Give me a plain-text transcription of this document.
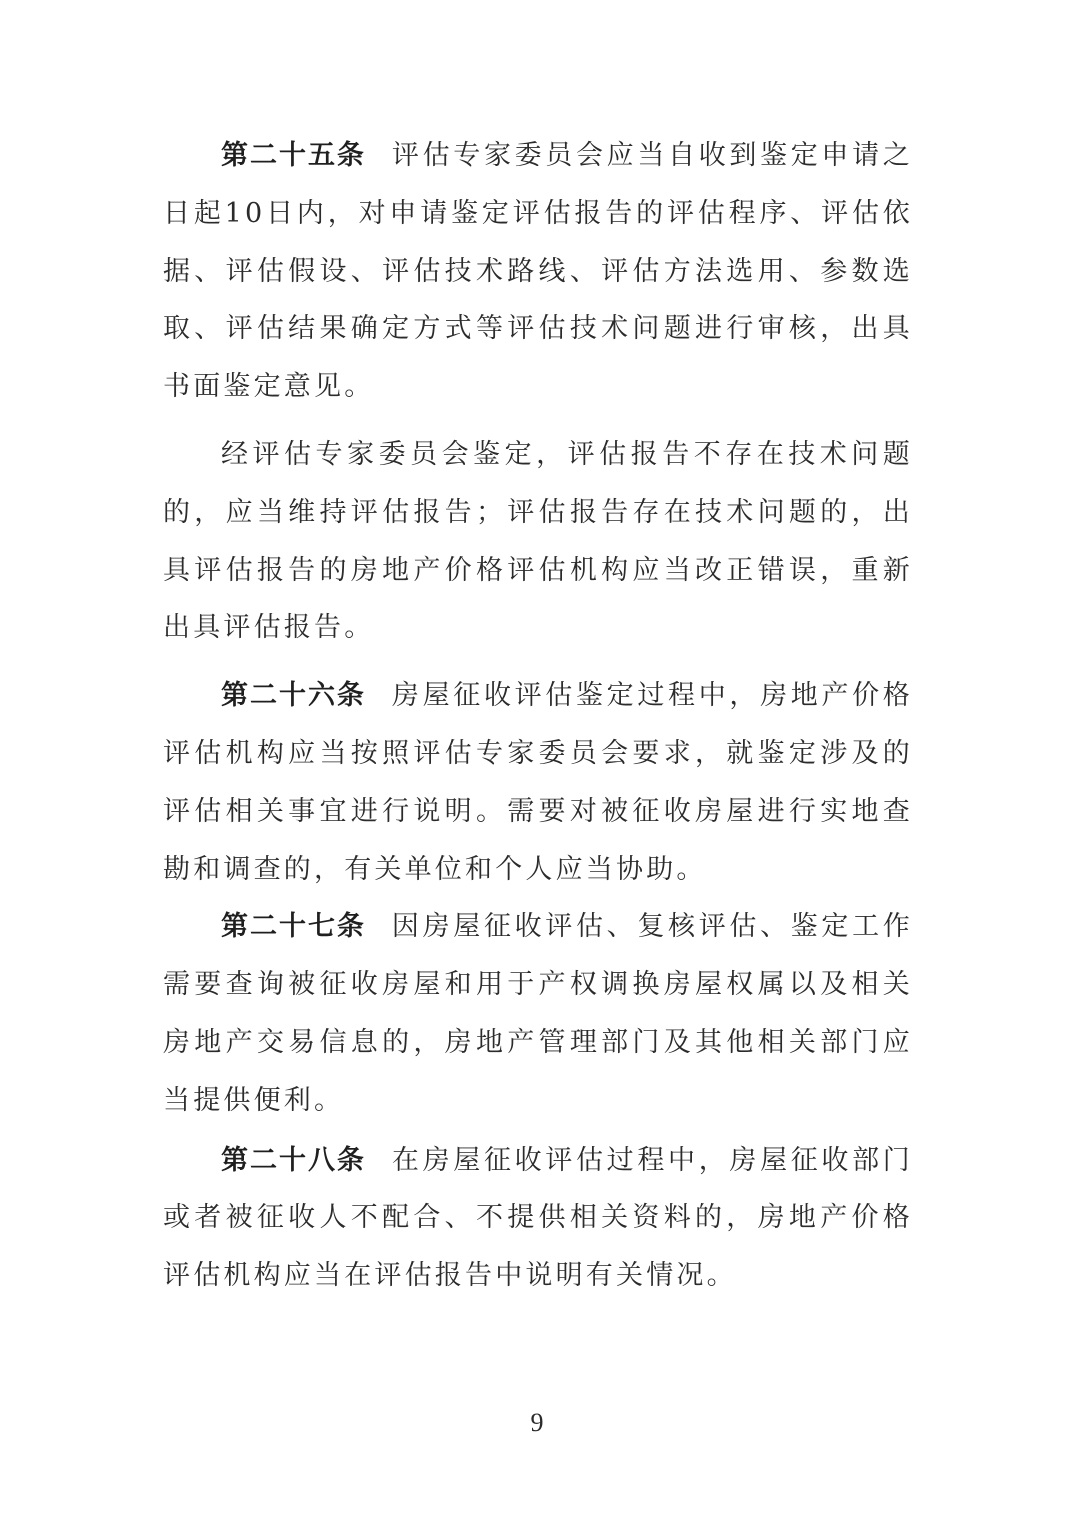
第二十五条 评估专家委员会应当自收到鉴定申请之日起10日内，对申请鉴定评估报告的评估程序、评估依据、评估假设、评估技术路线、评估方法选用、参数选取、评估结果确定方式等评估技术问题进行审核，出具书面鉴定意见。

经评估专家委员会鉴定，评估报告不存在技术问题的，应当维持评估报告；评估报告存在技术问题的，出具评估报告的房地产价格评估机构应当改正错误，重新出具评估报告。

第二十六条 房屋征收评估鉴定过程中，房地产价格评估机构应当按照评估专家委员会要求，就鉴定涉及的评估相关事宜进行说明。需要对被征收房屋进行实地查勘和调查的，有关单位和个人应当协助。

第二十七条 因房屋征收评估、复核评估、鉴定工作需要查询被征收房屋和用于产权调换房屋权属以及相关房地产交易信息的，房地产管理部门及其他相关部门应当提供便利。

第二十八条 在房屋征收评估过程中，房屋征收部门或者被征收人不配合、不提供相关资料的，房地产价格评估机构应当在评估报告中说明有关情况。

9
